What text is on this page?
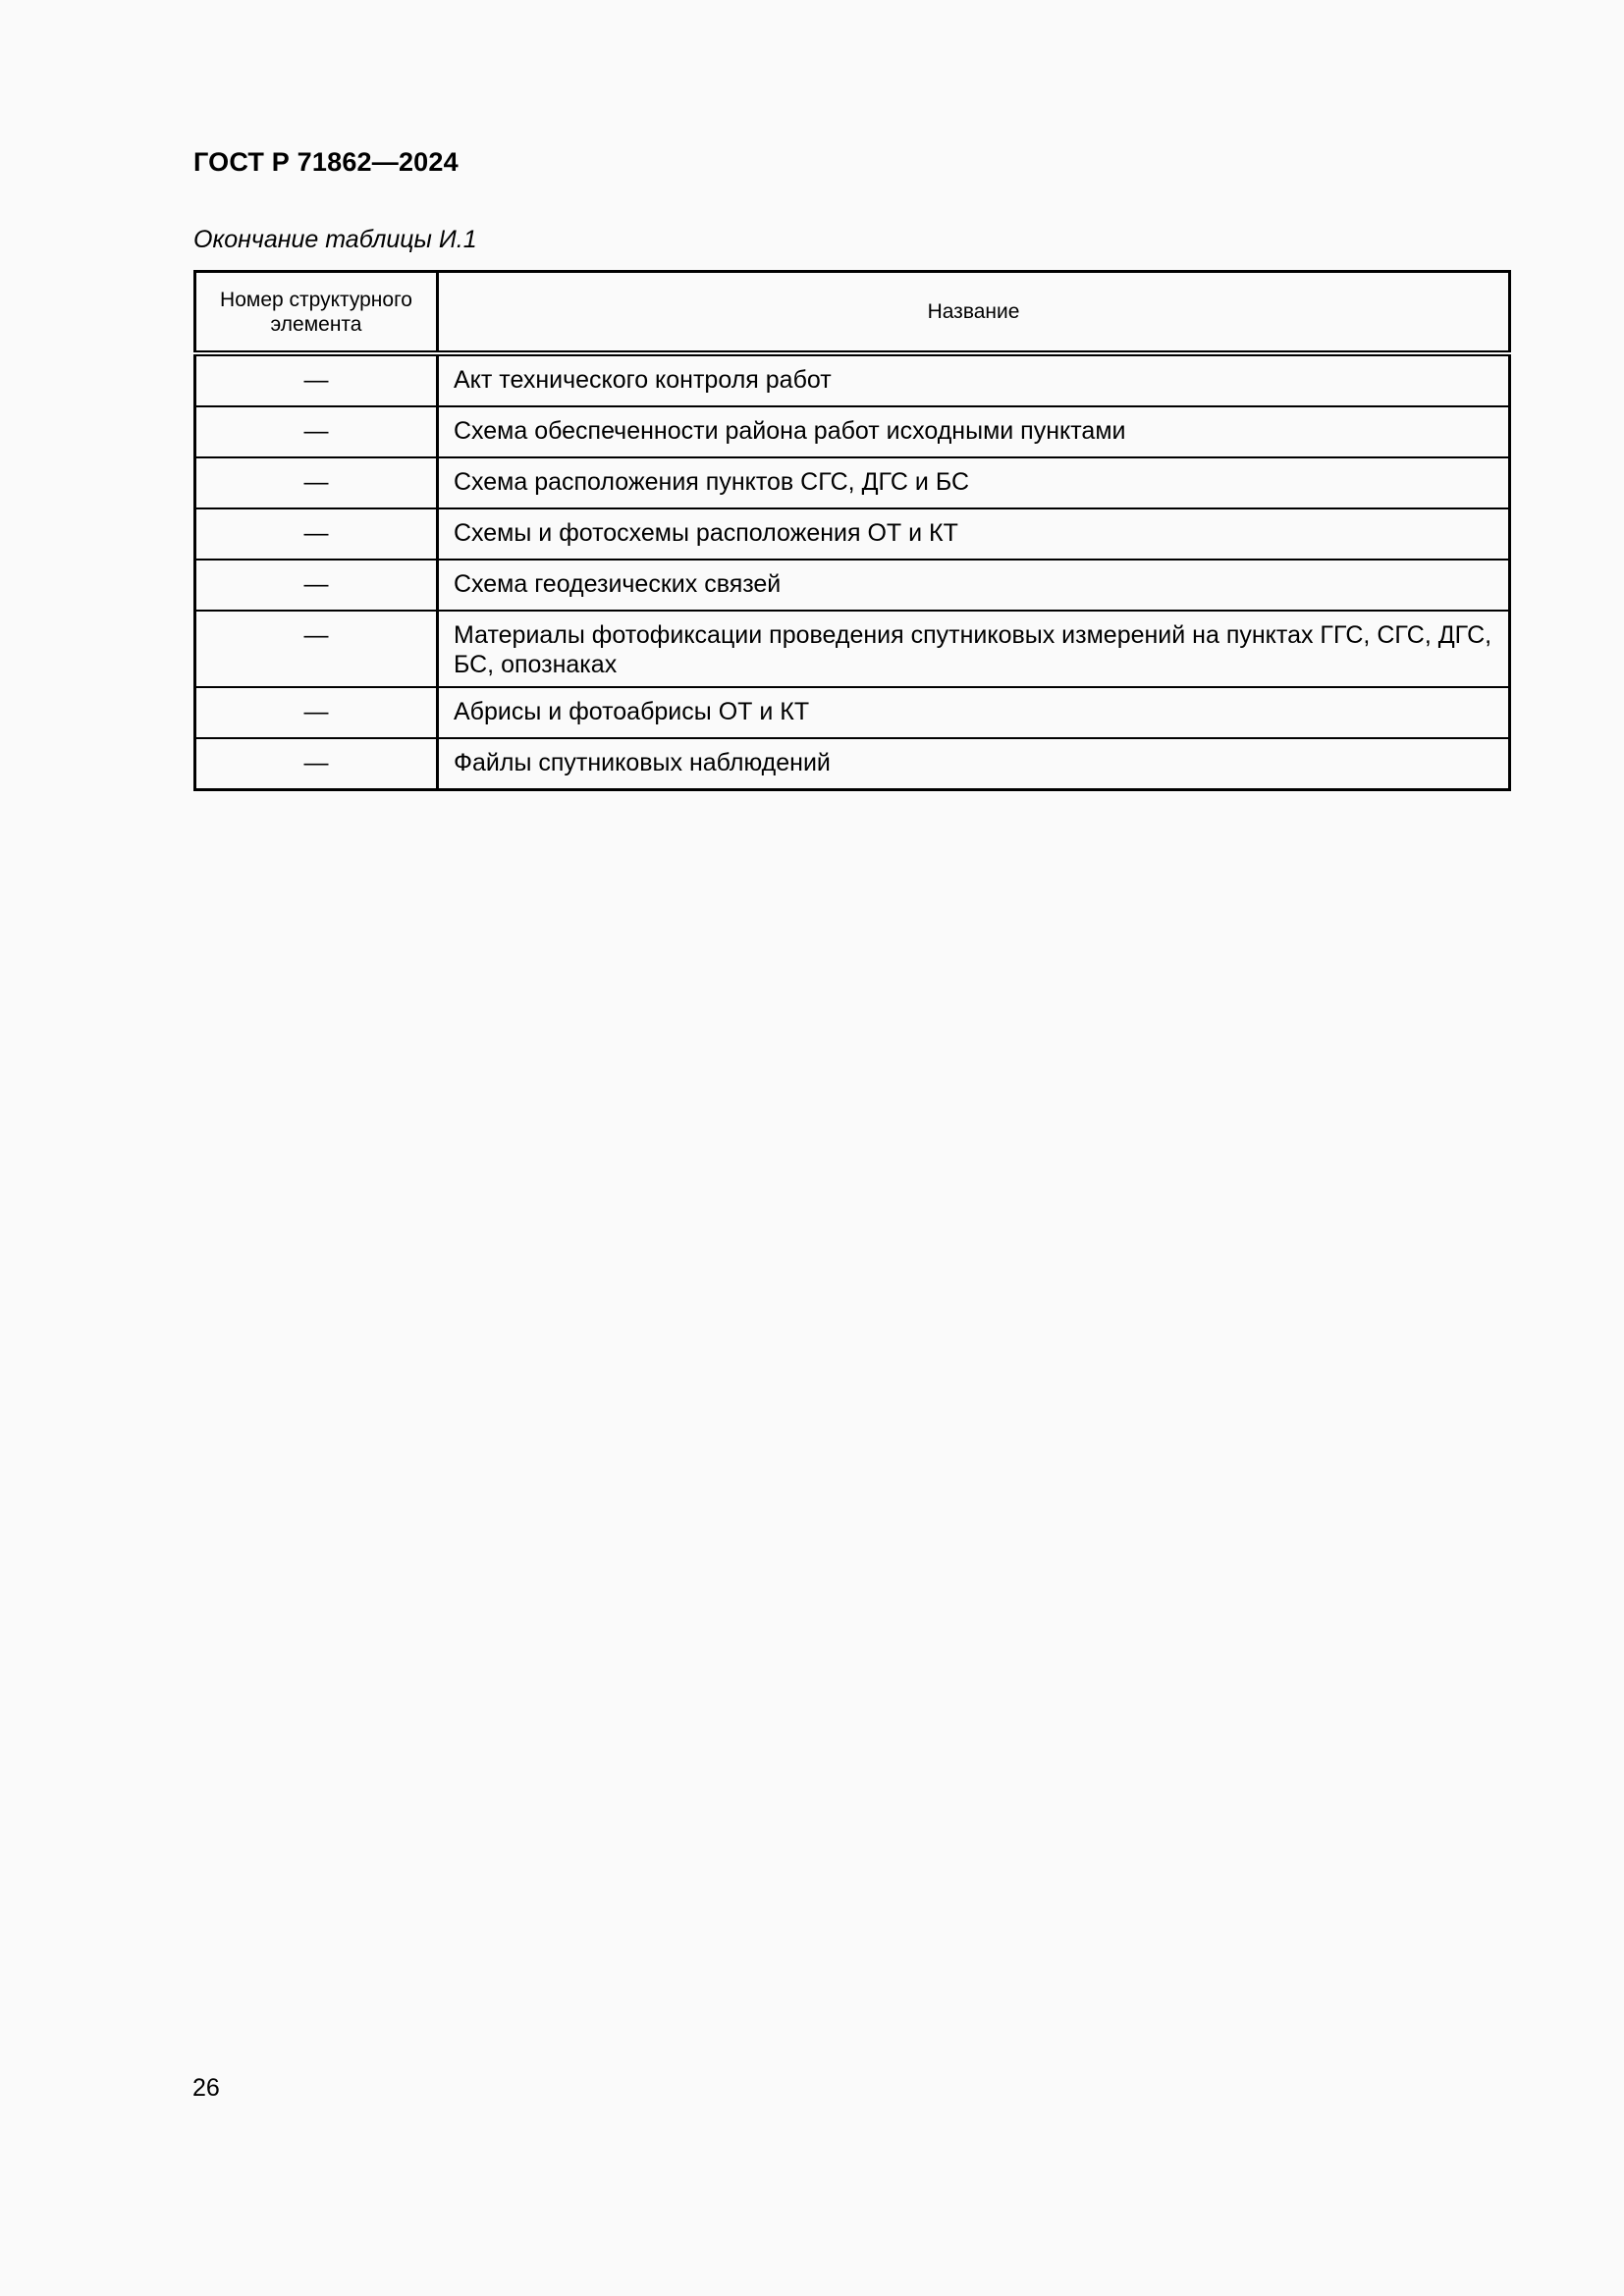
ГОСТ Р 71862—2024
Окончание таблицы И.1
Номер структурного элемента	Название
—	Акт технического контроля работ
—	Схема обеспеченности района работ исходными пунктами
—	Схема расположения пунктов СГС, ДГС и БС
—	Схемы и фотосхемы расположения ОТ и КТ
—	Схема геодезических связей
—	Материалы фотофиксации проведения спутниковых измерений на пунктах ГГС, СГС, ДГС, БС, опознаках
—	Абрисы и фотоабрисы ОТ и КТ
—	Файлы спутниковых наблюдений
26
